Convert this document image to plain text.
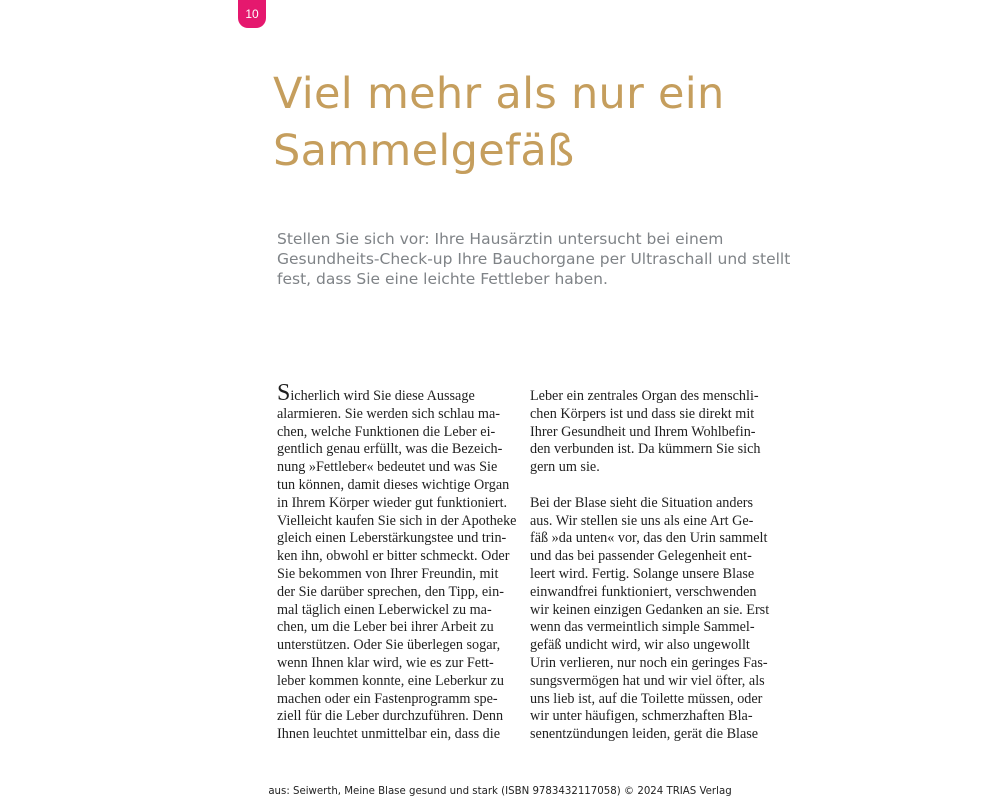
10
Viel mehr als nur ein
Sammelgefäß

Stellen Sie sich vor: Ihre Hausärztin untersucht bei einem
Gesundheits-Check-up Ihre Bauchorgane per Ultraschall und stellt
fest, dass Sie eine leichte Fettleber haben.

Sicherlich wird Sie diese Aussage
alarmieren. Sie werden sich schlau ma-
chen, welche Funktionen die Leber ei-
gentlich genau erfüllt, was die Bezeich-
nung »Fettleber« bedeutet und was Sie
tun können, damit dieses wichtige Organ
in Ihrem Körper wieder gut funktioniert.
Vielleicht kaufen Sie sich in der Apotheke
gleich einen Leberstärkungstee und trin-
ken ihn, obwohl er bitter schmeckt. Oder
Sie bekommen von Ihrer Freundin, mit
der Sie darüber sprechen, den Tipp, ein-
mal täglich einen Leberwickel zu ma-
chen, um die Leber bei ihrer Arbeit zu
unterstützen. Oder Sie überlegen sogar,
wenn Ihnen klar wird, wie es zur Fett-
leber kommen konnte, eine Leberkur zu
machen oder ein Fastenprogramm spe-
ziell für die Leber durchzuführen. Denn
Ihnen leuchtet unmittelbar ein, dass die
Leber ein zentrales Organ des menschli-
chen Körpers ist und dass sie direkt mit
Ihrer Gesundheit und Ihrem Wohlbefin-
den verbunden ist. Da kümmern Sie sich
gern um sie.
Bei der Blase sieht die Situation anders
aus. Wir stellen sie uns als eine Art Ge-
fäß »da unten« vor, das den Urin sammelt
und das bei passender Gelegenheit ent-
leert wird. Fertig. Solange unsere Blase
einwandfrei funktioniert, verschwenden
wir keinen einzigen Gedanken an sie. Erst
wenn das vermeintlich simple Sammel-
gefäß undicht wird, wir also ungewollt
Urin verlieren, nur noch ein geringes Fas-
sungsvermögen hat und wir viel öfter, als
uns lieb ist, auf die Toilette müssen, oder
wir unter häufigen, schmerzhaften Bla-
senentzündungen leiden, gerät die Blase
aus: Seiwerth, Meine Blase gesund und stark (ISBN 9783432117058) © 2024 TRIAS Verlag
